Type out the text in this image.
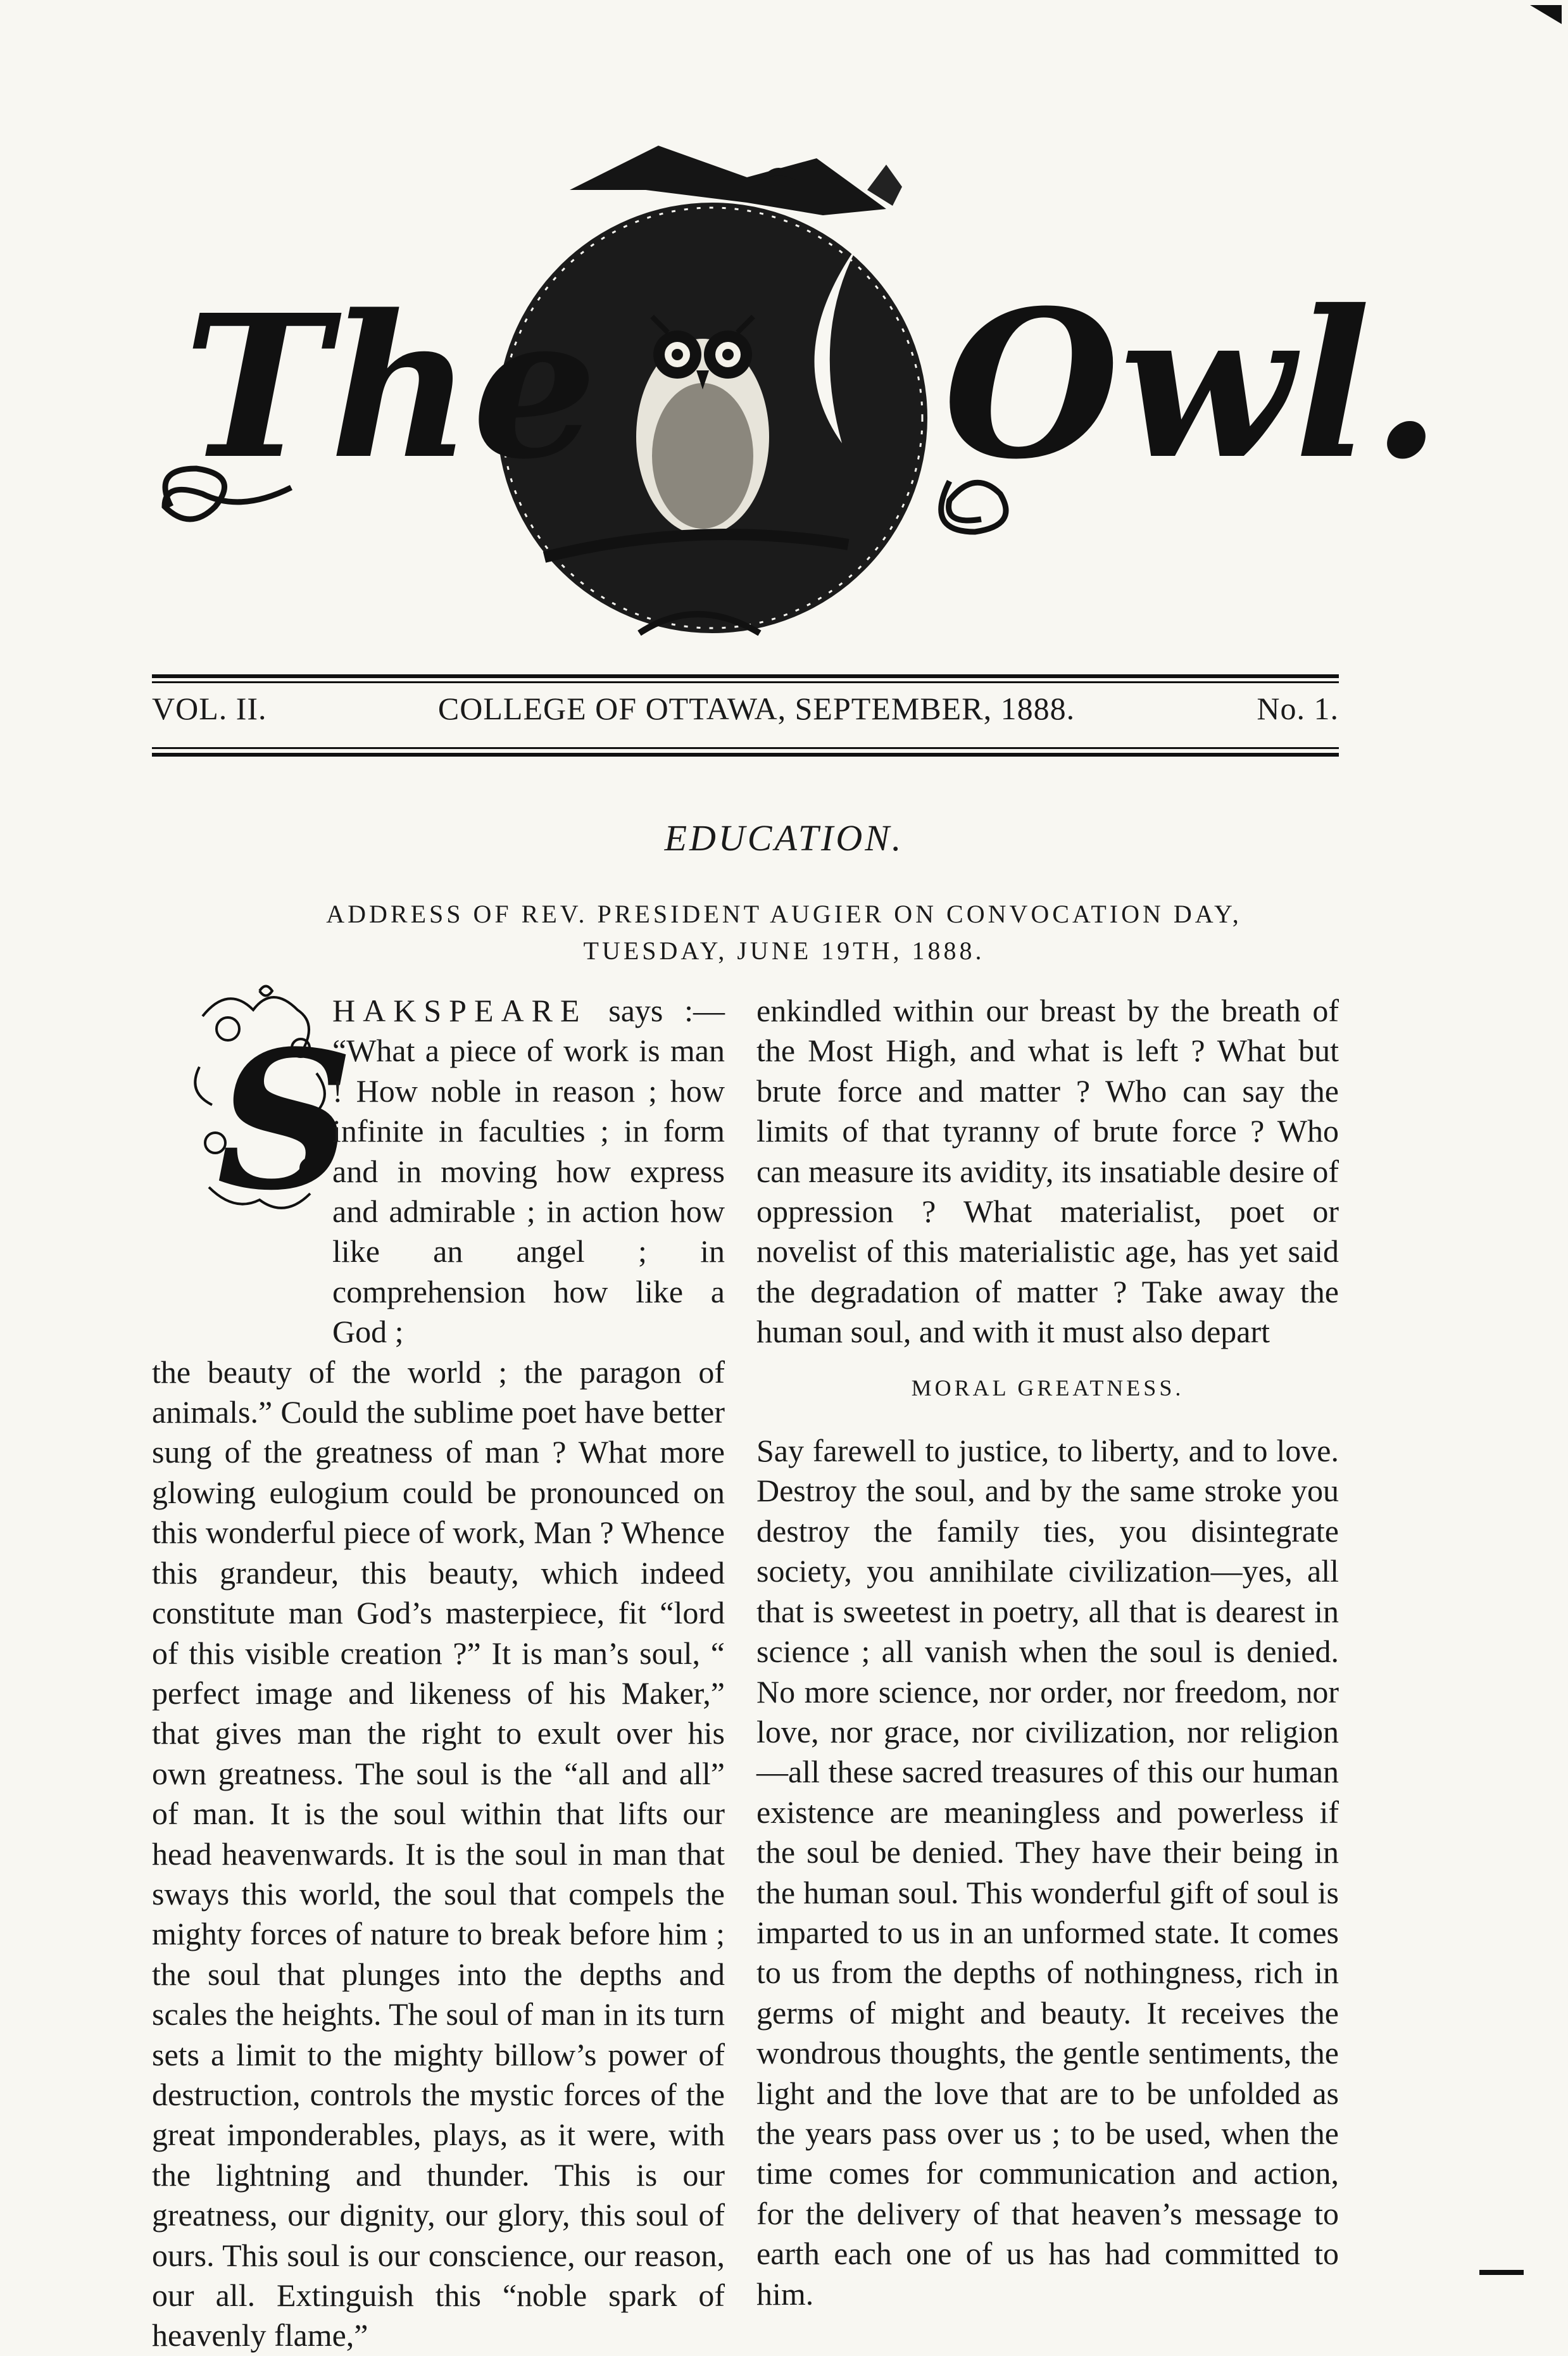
The Owl.
VOL. II.	COLLEGE OF OTTAWA, SEPTEMBER, 1888.	No. 1.
EDUCATION.
ADDRESS OF REV. PRESIDENT AUGIER ON CONVOCATION DAY,
TUESDAY, JUNE 19TH, 1888.
S

HAKSPEARE says :— “What a piece of work is man ! How noble in reason ; how infinite in faculties ; in form and in moving how express and admirable ; in action how like an angel ; in comprehension how like a God ;

the beauty of the world ; the paragon of animals.” Could the sublime poet have better sung of the greatness of man ? What more glowing eulogium could be pronounced on this wonderful piece of work, Man ? Whence this grandeur, this beauty, which indeed constitute man God’s masterpiece, fit “lord of this visible creation ?” It is man’s soul, “ perfect image and likeness of his Maker,” that gives man the right to exult over his own greatness. The soul is the “all and all” of man. It is the soul within that lifts our head heavenwards. It is the soul in man that sways this world, the soul that compels the mighty forces of nature to break before him ; the soul that plunges into the depths and scales the heights. The soul of man in its turn sets a limit to the mighty billow’s power of destruction, controls the mystic forces of the great imponderables, plays, as it were, with the lightning and thunder. This is our greatness, our dignity, our glory, this soul of ours. This soul is our conscience, our reason, our all. Extinguish this “noble spark of heavenly flame,”

enkindled within our breast by the breath of the Most High, and what is left ? What but brute force and matter ? Who can say the limits of that tyranny of brute force ? Who can measure its avidity, its insatiable desire of oppression ? What materialist, poet or novelist of this materialistic age, has yet said the degradation of matter ? Take away the human soul, and with it must also depart

MORAL GREATNESS.

Say farewell to justice, to liberty, and to love. Destroy the soul, and by the same stroke you destroy the family ties, you disintegrate society, you annihilate civilization—yes, all that is sweetest in poetry, all that is dearest in science ; all vanish when the soul is denied. No more science, nor order, nor freedom, nor love, nor grace, nor civilization, nor religion—all these sacred treasures of this our human existence are meaningless and powerless if the soul be denied. They have their being in the human soul. This wonderful gift of soul is imparted to us in an unformed state. It comes to us from the depths of nothingness, rich in germs of might and beauty. It receives the wondrous thoughts, the gentle sentiments, the light and the love that are to be unfolded as the years pass over us ; to be used, when the time comes for communication and action, for the delivery of that heaven’s message to earth each one of us has had committed to him.
